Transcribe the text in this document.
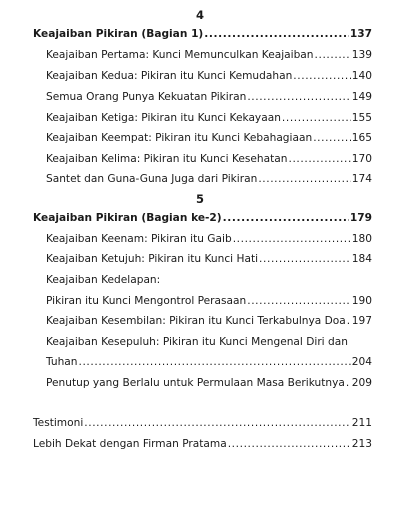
4
Keajaiban Pikiran (Bagian 1) .....	137
Keajaiban Pertama: Kunci Memunculkan Keajaiban .....	139
Keajaiban Kedua: Pikiran itu Kunci Kemudahan .....	140
Semua Orang Punya Kekuatan Pikiran .....	149
Keajaiban Ketiga: Pikiran itu Kunci Kekayaan .....	155
Keajaiban Keempat: Pikiran itu Kunci Kebahagiaan .....	165
Keajaiban Kelima: Pikiran itu Kunci Kesehatan .....	170
Santet dan Guna-Guna Juga dari Pikiran .....	174
5
Keajaiban Pikiran (Bagian ke-2) .....	179
Keajaiban Keenam: Pikiran itu Gaib .....	180
Keajaiban Ketujuh: Pikiran itu Kunci Hati .....	184
Keajaiban Kedelapan:
Pikiran itu Kunci Mengontrol Perasaan .....	190
Keajaiban Kesembilan: Pikiran itu Kunci Terkabulnya Doa ..... 197
Keajaiban Kesepuluh: Pikiran itu Kunci Mengenal Diri dan
Tuhan .....	204
Penutup yang Berlalu untuk Permulaan Masa Berikutnya ..... 209
Testimoni .....	211
Lebih Dekat dengan Firman Pratama .....	213
